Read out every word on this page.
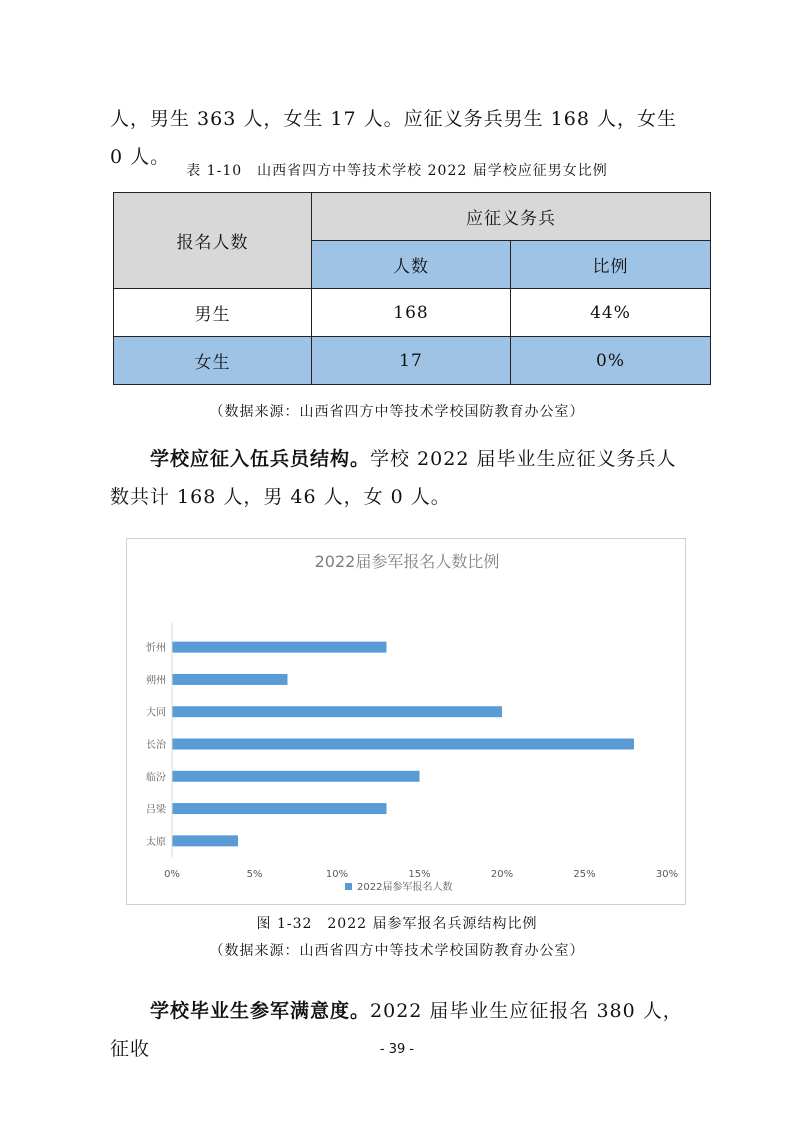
人，男生 363 人，女生 17 人。应征义务兵男生 168 人，女生 0 人。

表 1-10　山西省四方中等技术学校 2022 届学校应征男女比例

报名人数	应征义务兵	
	人数	比例
男生	168	44%
女生	17	0%

（数据来源：山西省四方中等技术学校国防教育办公室）

学校应征入伍兵员结构。学校 2022 届毕业生应征义务兵人数共计 168 人，男 46 人，女 0 人。

2022届参军报名人数比例
忻州
朔州
大同
长治
临汾
吕梁
太原
0%	5%	10%	15%	20%	25%	30%
2022届参军报名人数

图 1-32　2022 届参军报名兵源结构比例

（数据来源：山西省四方中等技术学校国防教育办公室）

学校毕业生参军满意度。2022 届毕业生应征报名 380 人，征收	- 39 -
